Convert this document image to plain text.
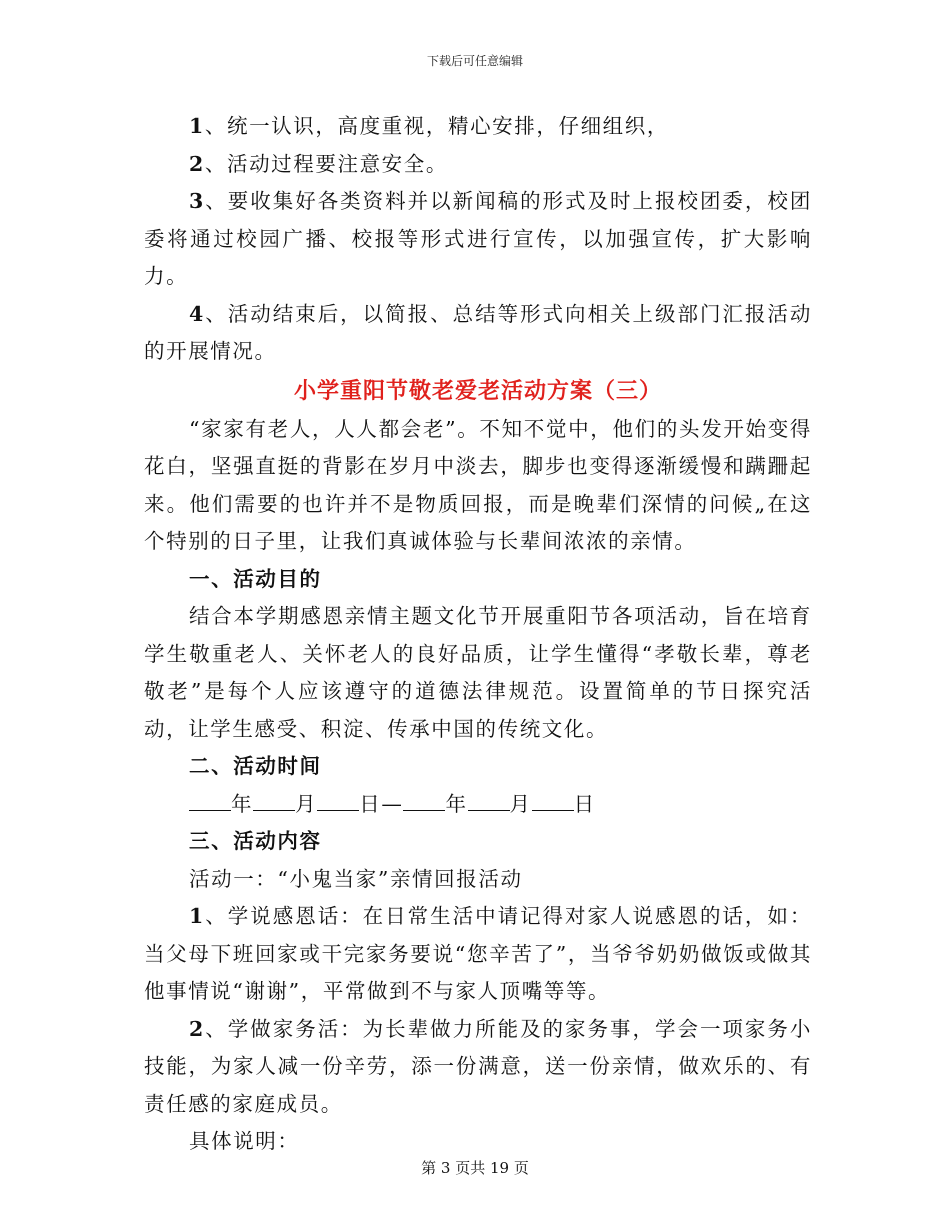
下载后可任意编辑

1、统一认识，高度重视，精心安排，仔细组织，

2、活动过程要注意安全。

3、要收集好各类资料并以新闻稿的形式及时上报校团委，校团委将通过校园广播、校报等形式进行宣传，以加强宣传，扩大影响力。

4、活动结束后，以简报、总结等形式向相关上级部门汇报活动的开展情况。

小学重阳节敬老爱老活动方案（三）

“家家有老人，人人都会老”。不知不觉中，他们的头发开始变得花白，坚强直挺的背影在岁月中淡去，脚步也变得逐渐缓慢和蹒跚起来。他们需要的也许并不是物质回报，而是晚辈们深情的问候„在这个特别的日子里，让我们真诚体验与长辈间浓浓的亲情。

一、活动目的

结合本学期感恩亲情主题文化节开展重阳节各项活动，旨在培育学生敬重老人、关怀老人的良好品质，让学生懂得“孝敬长辈，尊老敬老”是每个人应该遵守的道德法律规范。设置简单的节日探究活动，让学生感受、积淀、传承中国的传统文化。

二、活动时间

年 月 日— 年 月 日

三、活动内容

活动一：“小鬼当家”亲情回报活动

1、学说感恩话：在日常生活中请记得对家人说感恩的话，如：当父母下班回家或干完家务要说“您辛苦了”，当爷爷奶奶做饭或做其他事情说“谢谢”，平常做到不与家人顶嘴等等。

2、学做家务活：为长辈做力所能及的家务事，学会一项家务小技能，为家人减一份辛劳，添一份满意，送一份亲情，做欢乐的、有责任感的家庭成员。

具体说明：

第 3 页共 19 页
